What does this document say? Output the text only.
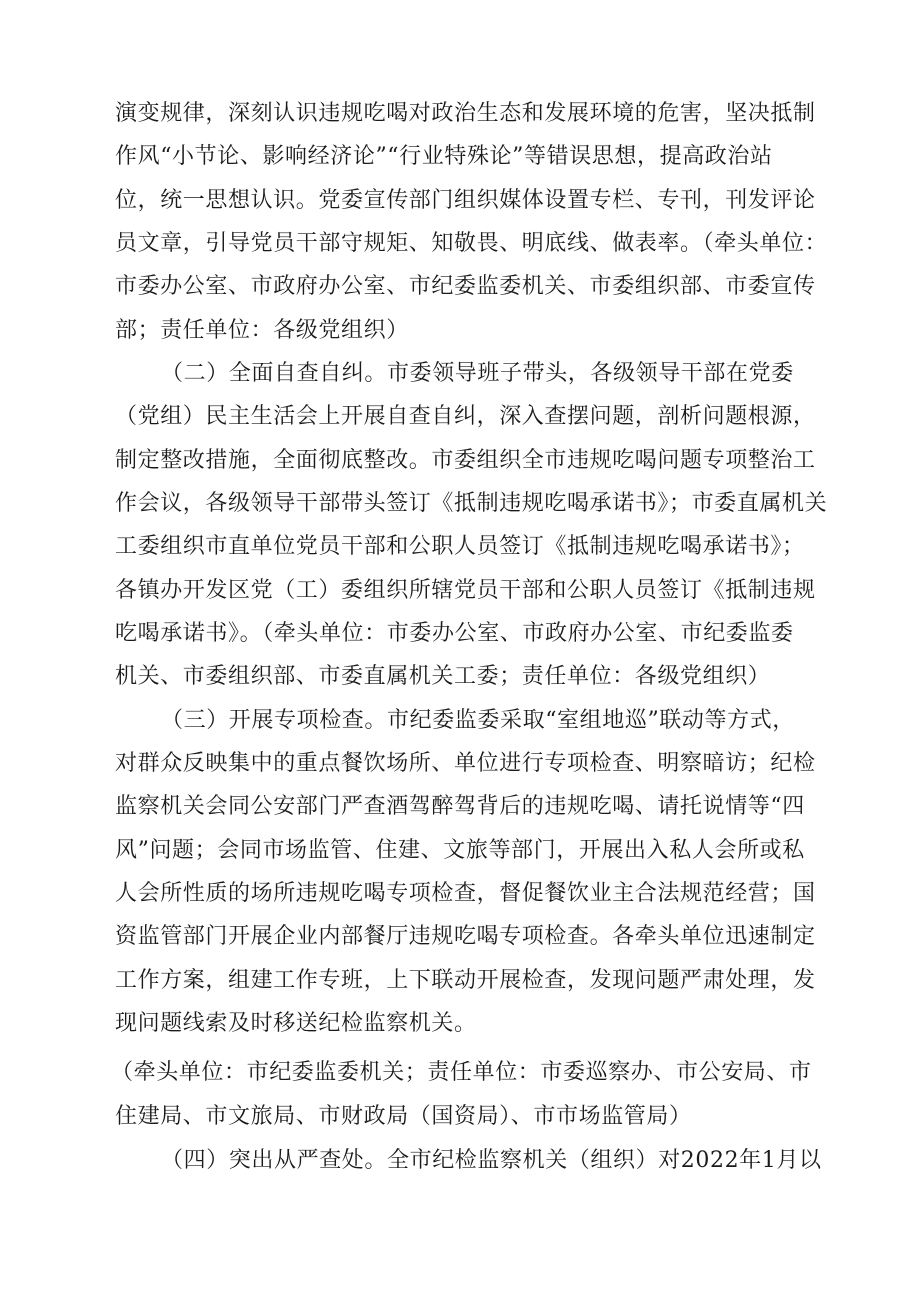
演变规律，深刻认识违规吃喝对政治生态和发展环境的危害，坚决抵制
作风“小节论、影响经济论”“行业特殊论”等错误思想，提高政治站
位，统一思想认识。党委宣传部门组织媒体设置专栏、专刊，刊发评论
员文章，引导党员干部守规矩、知敬畏、明底线、做表率。（牵头单位：
市委办公室、市政府办公室、市纪委监委机关、市委组织部、市委宣传
部；责任单位：各级党组织）
（二）全面自查自纠。市委领导班子带头，各级领导干部在党委
（党组）民主生活会上开展自查自纠，深入查摆问题，剖析问题根源，
制定整改措施，全面彻底整改。市委组织全市违规吃喝问题专项整治工
作会议，各级领导干部带头签订《抵制违规吃喝承诺书》；市委直属机关
工委组织市直单位党员干部和公职人员签订《抵制违规吃喝承诺书》；
各镇办开发区党（工）委组织所辖党员干部和公职人员签订《抵制违规
吃喝承诺书》。（牵头单位：市委办公室、市政府办公室、市纪委监委
机关、市委组织部、市委直属机关工委；责任单位：各级党组织）
（三）开展专项检查。市纪委监委采取“室组地巡”联动等方式，
对群众反映集中的重点餐饮场所、单位进行专项检查、明察暗访；纪检
监察机关会同公安部门严查酒驾醉驾背后的违规吃喝、请托说情等“四
风”问题；会同市场监管、住建、文旅等部门，开展出入私人会所或私
人会所性质的场所违规吃喝专项检查，督促餐饮业主合法规范经营；国
资监管部门开展企业内部餐厅违规吃喝专项检查。各牵头单位迅速制定
工作方案，组建工作专班，上下联动开展检查，发现问题严肃处理，发
现问题线索及时移送纪检监察机关。
（牵头单位：市纪委监委机关；责任单位：市委巡察办、市公安局、市
住建局、市文旅局、市财政局（国资局）、市市场监管局）
（四）突出从严查处。全市纪检监察机关（组织）对2022年1月以
